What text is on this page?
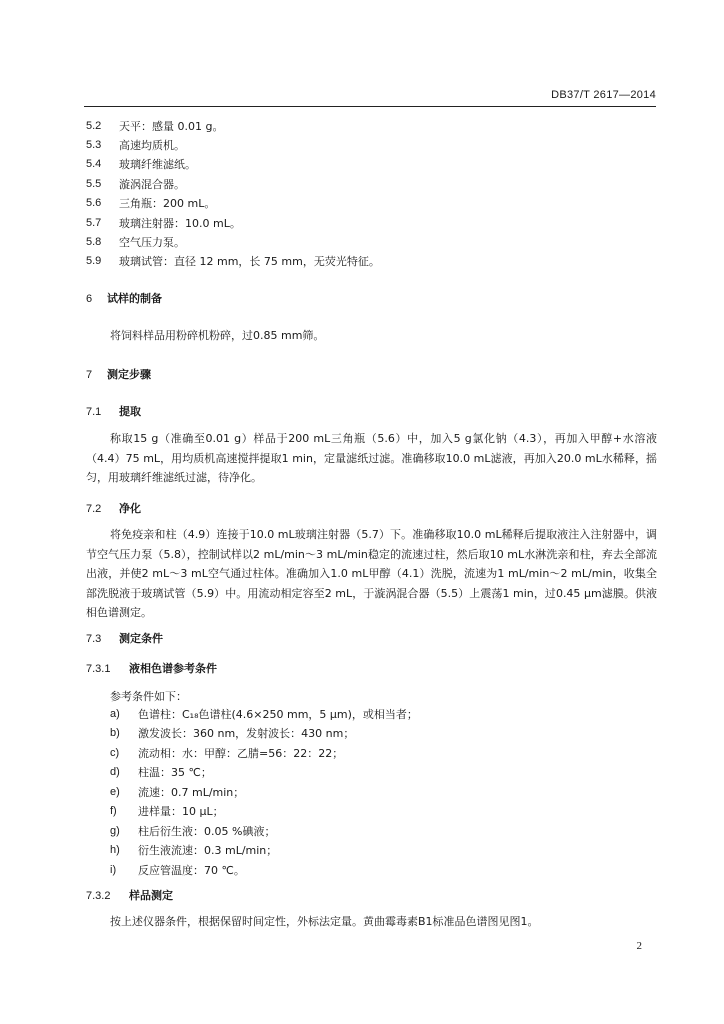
DB37/T 2617—2014
5.2	天平：感量 0.01 g。
5.3	高速均质机。
5.4	玻璃纤维滤纸。
5.5	漩涡混合器。
5.6	三角瓶：200 mL。
5.7	玻璃注射器：10.0 mL。
5.8	空气压力泵。
5.9	玻璃试管：直径 12 mm，长 75 mm，无荧光特征。
6 试样的制备
将饲料样品用粉碎机粉碎，过0.85 mm筛。
7 测定步骤
7.1 提取
称取15 g（准确至0.01 g）样品于200 mL三角瓶（5.6）中，加入5 g氯化钠（4.3），再加入甲醇+水溶液（4.4）75 mL，用均质机高速搅拌提取1 min，定量滤纸过滤。准确移取10.0 mL滤液，再加入20.0 mL水稀释，摇匀，用玻璃纤维滤纸过滤，待净化。
7.2 净化
将免疫亲和柱（4.9）连接于10.0 mL玻璃注射器（5.7）下。准确移取10.0 mL稀释后提取液注入注射器中，调节空气压力泵（5.8），控制试样以2 mL/min～3 mL/min稳定的流速过柱，然后取10 mL水淋洗亲和柱，弃去全部流出液，并使2 mL～3 mL空气通过柱体。准确加入1.0 mL甲醇（4.1）洗脱，流速为1 mL/min～2 mL/min，收集全部洗脱液于玻璃试管（5.9）中。用流动相定容至2 mL，于漩涡混合器（5.5）上震荡1 min，过0.45 μm滤膜。供液相色谱测定。
7.3 测定条件
7.3.1 液相色谱参考条件
参考条件如下：
a)	色谱柱：C₁₈色谱柱(4.6×250 mm，5 μm)，或相当者；
b)	激发波长：360 nm，发射波长：430 nm；
c)	流动相：水：甲醇：乙腈=56：22：22；
d)	柱温：35 ℃；
e)	流速：0.7 mL/min；
f)	进样量：10 μL；
g)	柱后衍生液：0.05 %碘液；
h)	衍生液流速：0.3 mL/min；
i)	反应管温度：70 ℃。
7.3.2 样品测定
按上述仪器条件，根据保留时间定性，外标法定量。黄曲霉毒素B1标准品色谱图见图1。
2
